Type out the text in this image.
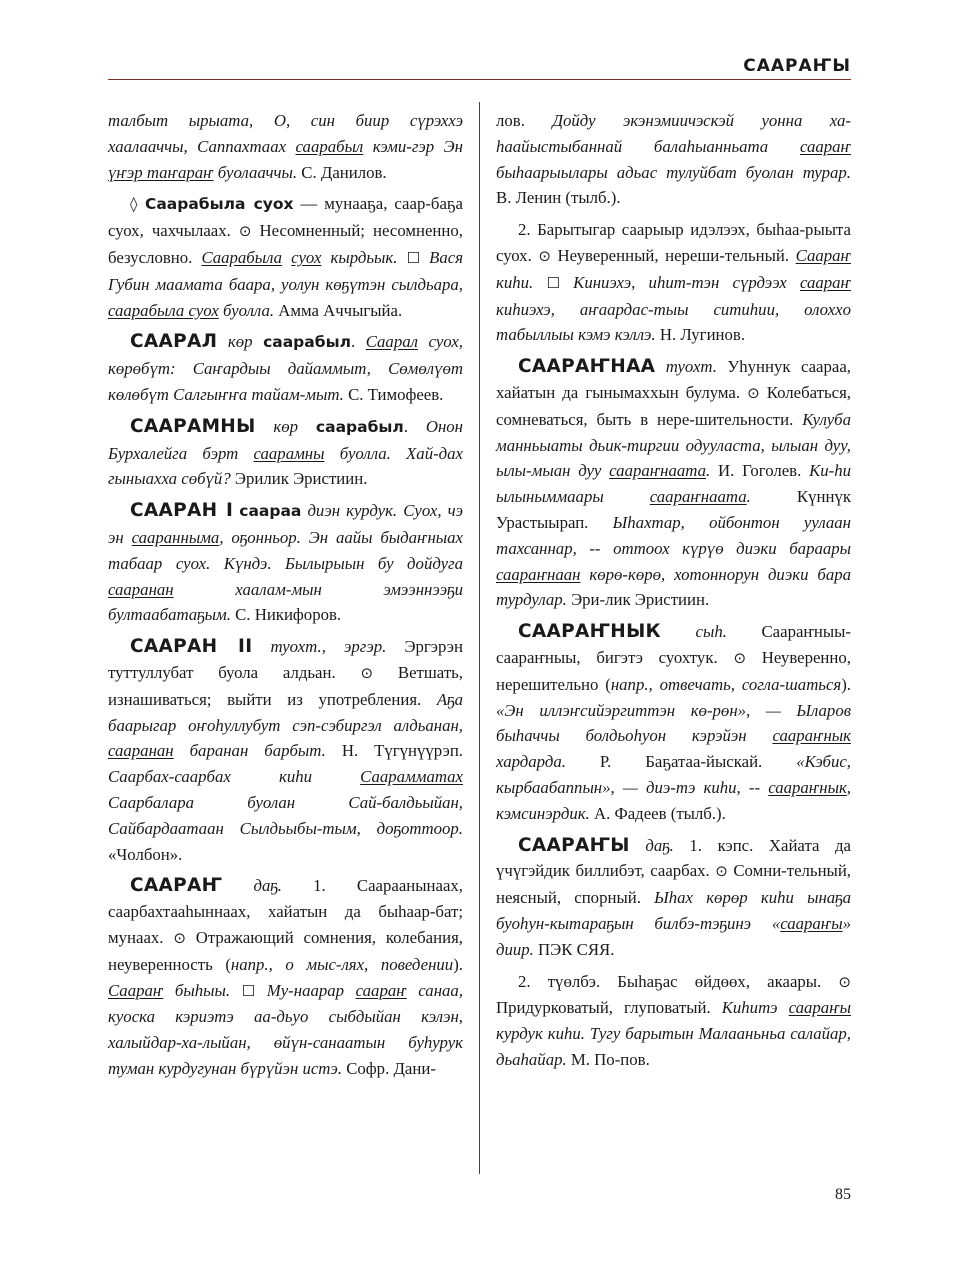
СААРАҤЫ

талбыт ырыата, О, син биир сүрэххэ хаалааччы, Саппахтаах саарабыл кэми-гэр Эн үҥэр таҥараҥ буолааччы. С. Данилов.

◊ Саарабыла суох — мунааҕа, саар-баҕа суох, чахчылаах. ⊙ Несомненный; несомненно, безусловно. Саарабыла суох кырдьык. ☐ Вася Губин маамата баара, уолун көҕүтэн сылдьара, саарабыла суох буолла. Амма Аччыгыйа.

СААРАЛ көр саарабыл. Саарал суох, көрөбүт: Саҥардыы дайаммыт, Сөмөлүөт көлөбүт Салгыҥҥа тайам-мыт. С. Тимофеев.

СААРАМНЫ көр саарабыл. Онон Бурхалейга бэрт саарамны буолла. Хай-дах гыныахха сөбүй? Эрилик Эристиин.

СААРАН I саараа диэн курдук. Суох, чэ эн сааранныма, оҕонньор. Эн аайы быдаҥныах табаар суох. Күндэ. Былырыын бу дойдуга сааранан хаалам-мын эмээннээҕи бултаабатаҕым. С. Никифоров.

СААРАН II туохт., эргэр. Эргэрэн туттуллубат буола алдьан. ⊙ Ветшать, изнашиваться; выйти из употребления. Аҕа баарыгар оҥоһуллубут сэп-сэбиргэл алдьанан, сааранан баранан барбыт. Н. Түгүнүүрэп. Саарбах-саарбах киһи Саарамматах Саарбалара буолан Сай-балдьыйан, Сайбардаатаан Сылдьыбы-тым, доҕоттоор. «Чолбон».

СААРАҤ даҕ. 1. Саараанынааx, саарбахтааһыннаах, хайатын да быһаар-бат; мунаах. ⊙ Отражающий сомнения, колебания, неуверенность (напр., о мыс-лях, поведении). Саараҥ быһыы. ☐ Му-наарар саараҥ санаа, куоска кэриэтэ аа-дьуо сыбдыйан кэлэн, халыйдар-ха-лыйан, өйүн-санаатын буһурук туман курдугунан бүрүйэн истэ. Софр. Дани-

лов. Дойду экэнэмиичэскэй уонна ха-һаайыстыбаннай балаһыанньата саараҥ быһаарыылары адьас тулуйбат буолан турар. В. Ленин (тылб.).

2. Барытыгар саарыыр идэлээх, быһаа-рыыта суох. ⊙ Неуверенный, нереши-тельный. Саараҥ киһи. ☐ Киниэхэ, иһит-тэн сүрдээх саараҥ киһиэхэ, аҥаардас-тыы ситиһии, олохxо табыллыы кэмэ кэллэ. Н. Лугинов.

СААРАҤНАА туохт. Уһуннук саараа, хайатын да гынымаххын булума. ⊙ Колебаться, сомневаться, быть в нере-шительности. Кулуба манньыаты дьик-тиргии одууласта, ылыан дуу, ылы-мыан дуу саараҥнаата. И. Гоголев. Ки-һи ылыныммаары саараҥнаата. Күннүк Урастыырап. Ыһахтар, ойбонтон уулаан тахсаннар, -- оттоох күрүө диэки бараары саараҥнаан көрө-көрө, хотоннорун диэки бара турдулар. Эри-лик Эристиин.

СААРАҤНЫК сыһ. Саараҥныы-саараҥныы, бигэтэ суохтук. ⊙ Неуверенно, нерешительно (напр., отвечать, согла-шаться). «Эн иллэҥсийэргиттэн кө-рөн», — Ыларов быһаччы болдьоһуон кэрэйэн саараҥнык хардарда. Р. Баҕатаа-йыскай. «Кэбис, кырбаабаппын», — диэ-тэ киһи, -- саараҥнык, кэмсинэрдик. А. Фадеев (тылб.).

СААРАҤЫ даҕ. 1. кэпс. Хайата да үчүгэйдик биллибэт, саарбах. ⊙ Сомни-тельный, неясный, спорный. Ыһах көрөр киһи ынаҕа буоһун-кытараҕын билбэ-тэҕинэ «саараҥы» диир. ПЭК СЯЯ.

2. түөлбэ. Быһаҕас өйдөөх, акаары. ⊙ Придурковатый, глуповатый. Киһитэ саараҥы курдук киһи. Тугу барытын Малааньньа салайар, дьаһайар. М. По-пов.

85
